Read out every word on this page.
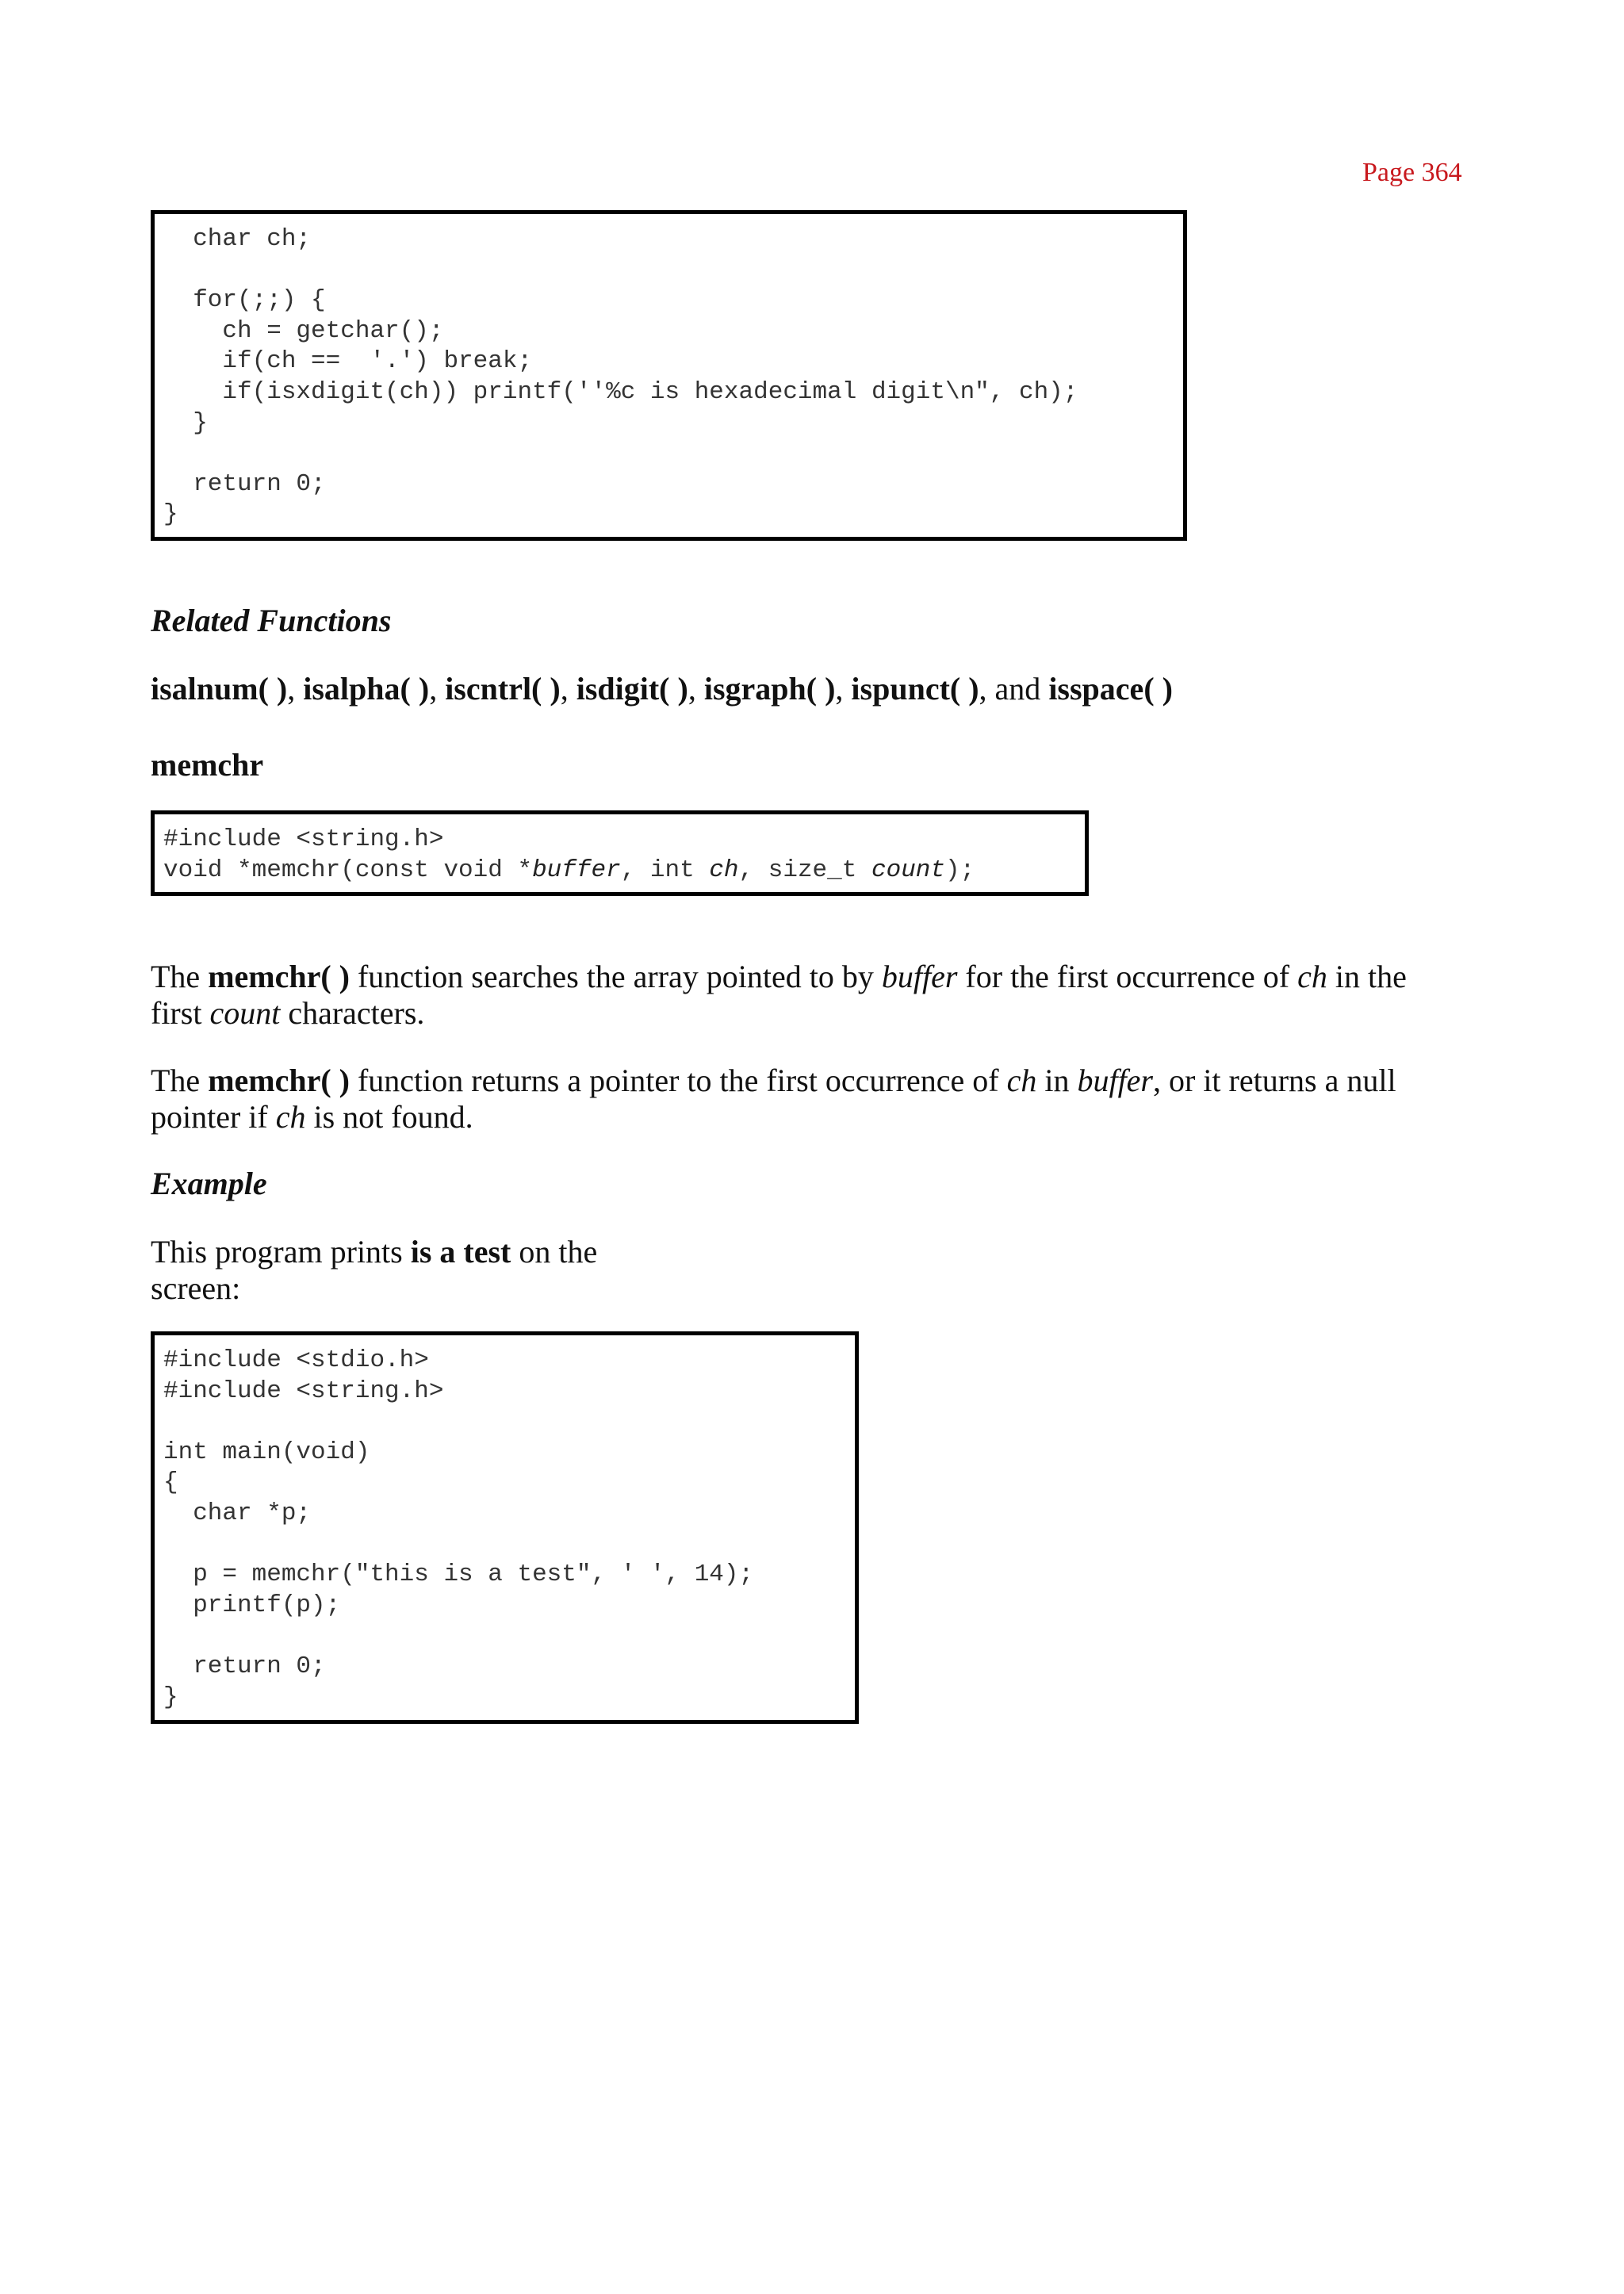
Page 364
char ch;

for(;;) {
ch = getchar();
if(ch ==  '.') break;
if(isxdigit(ch)) printf(''%c is hexadecimal digit\n", ch);
}

return 0;
}
Related Functions
isalnum( ), isalpha( ), iscntrl( ), isdigit( ), isgraph( ), ispunct( ), and isspace( )
memchr
#include <string.h>
void *memchr(const void *buffer, int ch, size_t count);
The memchr( ) function searches the array pointed to by buffer for the first occurrence of ch in the
first count characters.
The memchr( ) function returns a pointer to the first occurrence of ch in buffer, or it returns a null
pointer if ch is not found.
Example
This program prints is a test on the
screen:
#include <stdio.h>
#include <string.h>

int main(void)
{
char *p;

p = memchr("this is a test", ' ', 14);
printf(p);

return 0;
}
